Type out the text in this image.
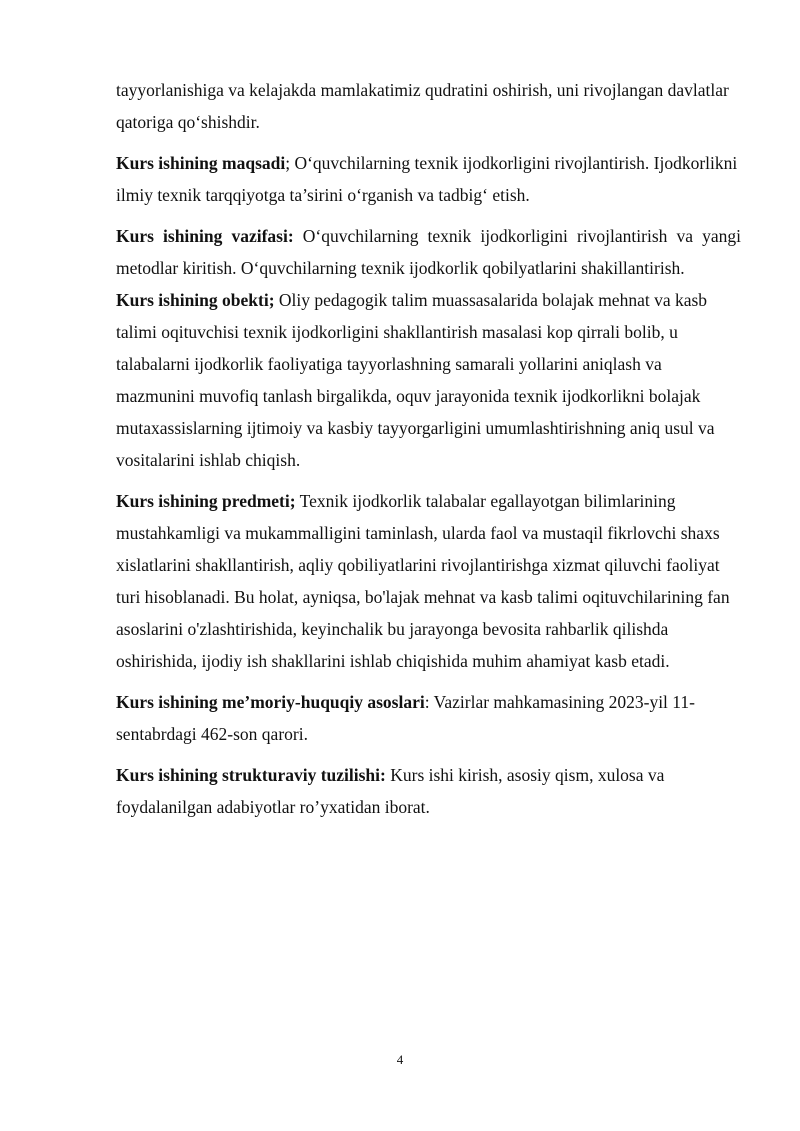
tayyorlanishiga va kelajakda mamlakatimiz qudratini oshirish, uni rivojlangan davlatlar qatoriga qo‘shishdir.

Kurs ishining maqsadi; O‘quvchilarning texnik ijodkorligini rivojlantirish. Ijodkorlikni ilmiy texnik tarqqiyotga ta’sirini o‘rganish va tadbig‘ etish.

Kurs ishining vazifasi: O‘quvchilarning texnik ijodkorligini rivojlantirish va yangi metodlar kiritish. O‘quvchilarning texnik ijodkorlik qobilyatlarini shakillantirish.

Kurs ishining obekti; Oliy pedagogik talim muassasalarida bolajak mehnat va kasb talimi oqituvchisi texnik ijodkorligini shakllantirish masalasi kop qirrali bolib, u talabalarni ijodkorlik faoliyatiga tayyorlashning samarali yollarini aniqlash va mazmunini muvofiq tanlash birgalikda, oquv jarayonida texnik ijodkorlikni bolajak mutaxassislarning ijtimoiy va kasbiy tayyorgarligini umumlashtirishning aniq usul va vositalarini ishlab chiqish.

Kurs ishining predmeti; Texnik ijodkorlik talabalar egallayotgan bilimlarining mustahkamligi va mukammalligini taminlash, ularda faol va mustaqil fikrlovchi shaxs xislatlarini shakllantirish, aqliy qobiliyatlarini rivojlantirishga xizmat qiluvchi faoliyat turi hisoblanadi. Bu holat, ayniqsa, bo'lajak mehnat va kasb talimi oqituvchilarining fan asoslarini o'zlashtirishida, keyinchalik bu jarayonga bevosita rahbarlik qilishda oshirishida, ijodiy ish shakllarini ishlab chiqishida muhim ahamiyat kasb etadi.

Kurs ishining me’moriy-huquqiy asoslari: Vazirlar mahkamasining 2023-yil 11-sentabrdagi 462-son qarori.

Kurs ishining strukturaviy tuzilishi: Kurs ishi kirish, asosiy qism, xulosa va foydalanilgan adabiyotlar ro’yxatidan iborat.

4
